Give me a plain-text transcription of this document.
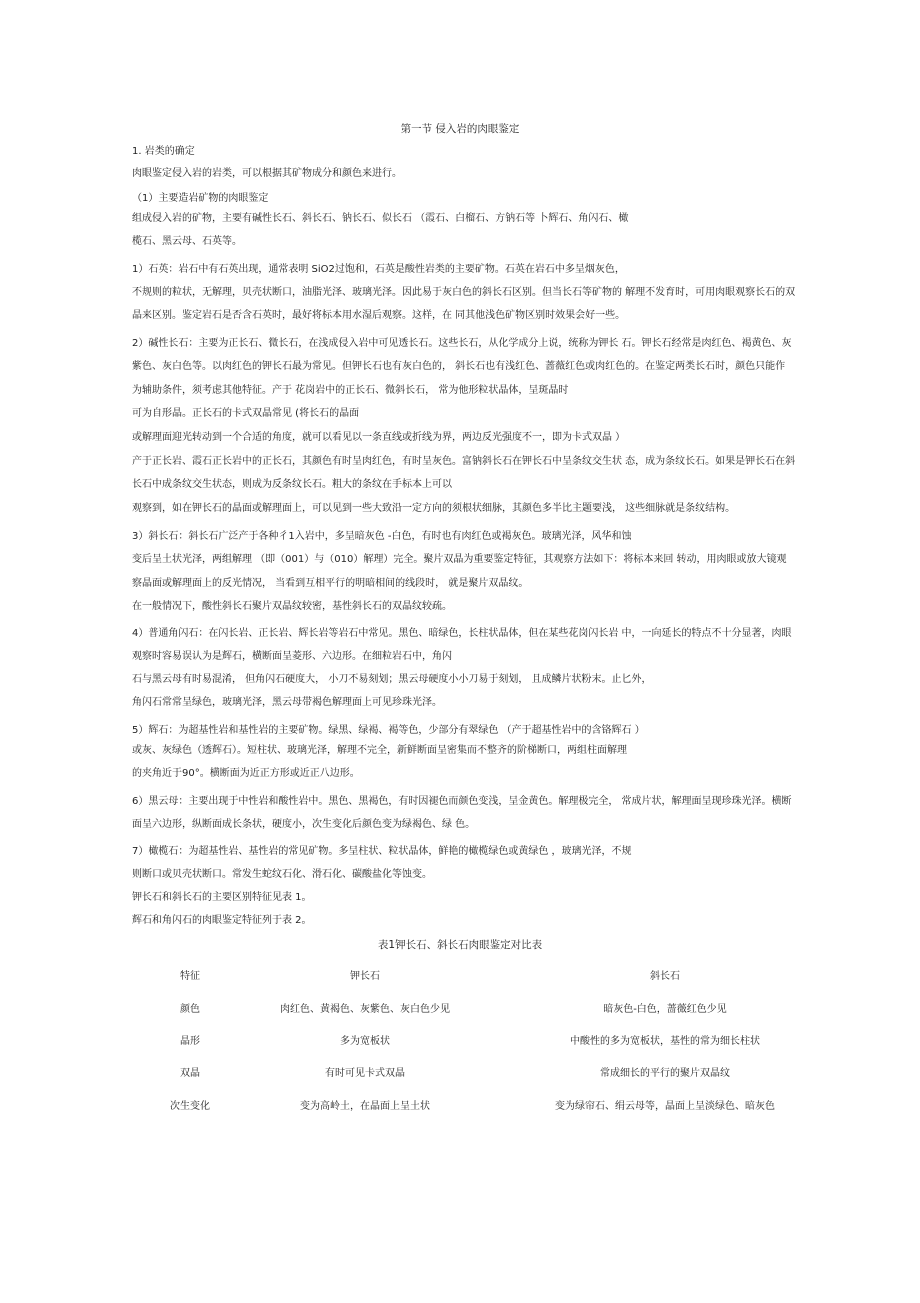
第一节 侵入岩的肉眼鉴定
1. 岩类的确定
肉眼鉴定侵入岩的岩类，可以根据其矿物成分和颜色来进行。
（1）主要造岩矿物的肉眼鉴定
组成侵入岩的矿物，主要有碱性长石、斜长石、钠长石、似长石 （霞石、白榴石、方钠石等 卜辉石、角闪石、橄
榄石、黑云母、石英等。
1）石英：岩石中有石英出现，通常表明 SiO2过饱和，石英是酸性岩类的主要矿物。石英在岩石中多呈烟灰色，
不规则的粒状，无解理，贝壳状断口，油脂光泽、玻璃光泽。因此易于灰白色的斜长石区别。但当长石等矿物的 解理不发育时，可用肉眼观察长石的双
晶来区别。鉴定岩石是否含石英时，最好将标本用水湿后观察。这样，在 同其他浅色矿物区别时效果会好一些。
2）碱性长石：主要为正长石、微长石，在浅成侵入岩中可见透长石。这些长石，从化学成分上说，统称为钾长 石。钾长石经常是肉红色、褐黄色、灰
紫色、灰白色等。以肉红色的钾长石最为常见。但钾长石也有灰白色的， 斜长石也有浅红色、蔷薇红色或肉红色的。在鉴定两类长石时，颜色只能作
为辅助条件，须考虑其他特征。产于 花岗岩中的正长石、微斜长石， 常为他形粒状晶体，呈斑晶时
可为自形晶。正长石的卡式双晶常见 (将长石的晶面
或解理面迎光转动到一个合适的角度，就可以看见以一条直线或折线为界，两边反光强度不一，即为卡式双晶 ）
产于正长岩、霞石正长岩中的正长石，其颜色有时呈肉红色，有时呈灰色。富钠斜长石在钾长石中呈条纹交生状 态，成为条纹长石。如果是钾长石在斜
长石中成条纹交生状态，则成为反条纹长石。粗大的条纹在手标本上可以
观察到，如在钾长石的晶面或解理面上，可以见到一些大致沿一定方向的须根状细脉，其颜色多半比主题要浅， 这些细脉就是条纹结构。
3）斜长石：斜长石广泛产于各种彳1入岩中，多呈暗灰色 -白色，有时也有肉红色或褐灰色。玻璃光泽，风华和蚀
变后呈土状光泽，两组解理 （即（001）与（010）解理）完全。聚片双晶为重要鉴定特征，其观察方法如下：将标本来回 转动，用肉眼或放大镜观
察晶面或解理面上的反光情况， 当看到互相平行的明暗相间的线段时， 就是聚片双晶纹。
在一般情况下，酸性斜长石聚片双晶纹较密，基性斜长石的双晶纹较疏。
4）普通角闪石：在闪长岩、正长岩、辉长岩等岩石中常见。黑色、暗绿色，长柱状晶体，但在某些花岗闪长岩 中，一向延长的特点不十分显著，肉眼
观察时容易误认为是辉石，横断面呈菱形、六边形。在细粒岩石中，角闪
石与黑云母有时易混淆， 但角闪石硬度大， 小刀不易刻划；黑云母硬度小小刀易于刻划， 且成鳞片状粉末。止匕外，
角闪石常常呈绿色，玻璃光泽，黑云母带褐色解理面上可见珍珠光泽。
5）辉石：为超基性岩和基性岩的主要矿物。绿黑、绿褐、褐等色，少部分有翠绿色 （产于超基性岩中的含铬辉石 ）
或灰、灰绿色（透辉石）。短柱状、玻璃光泽，解理不完全，新鲜断面呈密集而不整齐的阶梯断口，两组柱面解理
的夹角近于90°。横断面为近正方形或近正八边形。
6）黑云母：主要出现于中性岩和酸性岩中。黑色、黑褐色，有时因褪色而颜色变浅，呈金黄色。解理极完全， 常成片状，解理面呈现珍珠光泽。横断
面呈六边形，纵断面成长条状，硬度小，次生变化后颜色变为绿褐色、绿 色。
7）橄榄石：为超基性岩、基性岩的常见矿物。多呈柱状、粒状晶体，鲜艳的橄榄绿色或黄绿色 ，玻璃光泽，不规
则断口或贝壳状断口。常发生蛇纹石化、滑石化、碳酸盐化等蚀变。
钾长石和斜长石的主要区别特征见表 1。
辉石和角闪石的肉眼鉴定特征列于表 2。
表1钾长石、斜长石肉眼鉴定对比表
特征	钾长石	斜长石
颜色	肉红色、黄褐色、灰紫色、灰白色少见	暗灰色-白色，蔷薇红色少见
晶形	多为宽板状	中酸性的多为宽板状，基性的常为细长柱状
双晶	有时可见卡式双晶	常成细长的平行的聚片双晶纹
次生变化	变为高岭土，在晶面上呈土状	变为绿帘石、绢云母等，晶面上呈淡绿色、暗灰色
